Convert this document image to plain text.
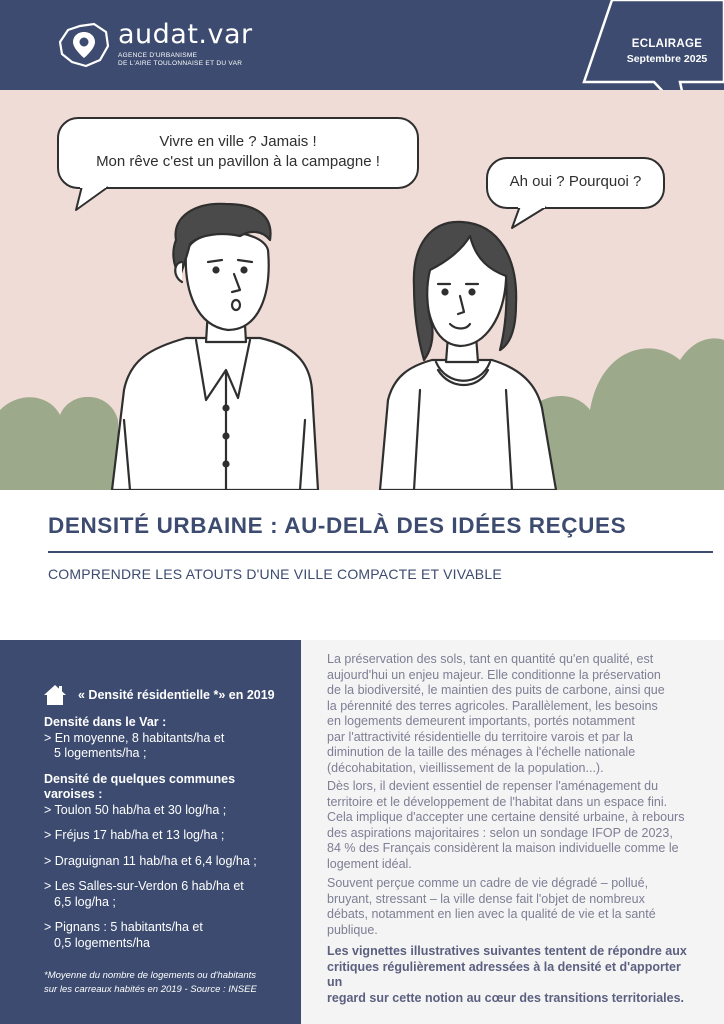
audat.var
AGENCE D'URBANISME
DE L'AIRE TOULONNAISE ET DU VAR
ECLAIRAGE
Septembre 2025
Vivre en ville ? Jamais !
Mon rêve c'est un pavillon à la campagne !
Ah oui ? Pourquoi ?
DENSITÉ URBAINE : AU-DELÀ DES IDÉES REÇUES
COMPRENDRE LES ATOUTS D'UNE VILLE COMPACTE ET VIVABLE
« Densité résidentielle *» en 2019
Densité dans le Var :
> En moyenne, 8 habitants/ha et
5 logements/ha ;
Densité de quelques communes
varoises :
> Toulon 50 hab/ha et 30 log/ha ;
> Fréjus 17 hab/ha et 13 log/ha ;
> Draguignan 11 hab/ha et 6,4 log/ha ;
> Les Salles-sur-Verdon 6 hab/ha et
6,5 log/ha ;
> Pignans : 5 habitants/ha et
0,5 logements/ha
*Moyenne du nombre de logements ou d'habitants
sur les carreaux habités en 2019 - Source : INSEE
La préservation des sols, tant en quantité qu'en qualité, est
aujourd'hui un enjeu majeur. Elle conditionne la préservation
de la biodiversité, le maintien des puits de carbone, ainsi que
la pérennité des terres agricoles. Parallèlement, les besoins
en logements demeurent importants, portés notamment
par l'attractivité résidentielle du territoire varois et par la
diminution de la taille des ménages à l'échelle nationale
(décohabitation, vieillissement de la population...).
Dès lors, il devient essentiel de repenser l'aménagement du
territoire et le développement de l'habitat dans un espace fini.
Cela implique d'accepter une certaine densité urbaine, à rebours
des aspirations majoritaires : selon un sondage IFOP de 2023,
84 % des Français considèrent la maison individuelle comme le
logement idéal.
Souvent perçue comme un cadre de vie dégradé – pollué,
bruyant, stressant – la ville dense fait l'objet de nombreux
débats, notamment en lien avec la qualité de vie et la santé
publique.
Les vignettes illustratives suivantes tentent de répondre aux
critiques régulièrement adressées à la densité et d'apporter un
regard sur cette notion au cœur des transitions territoriales.
